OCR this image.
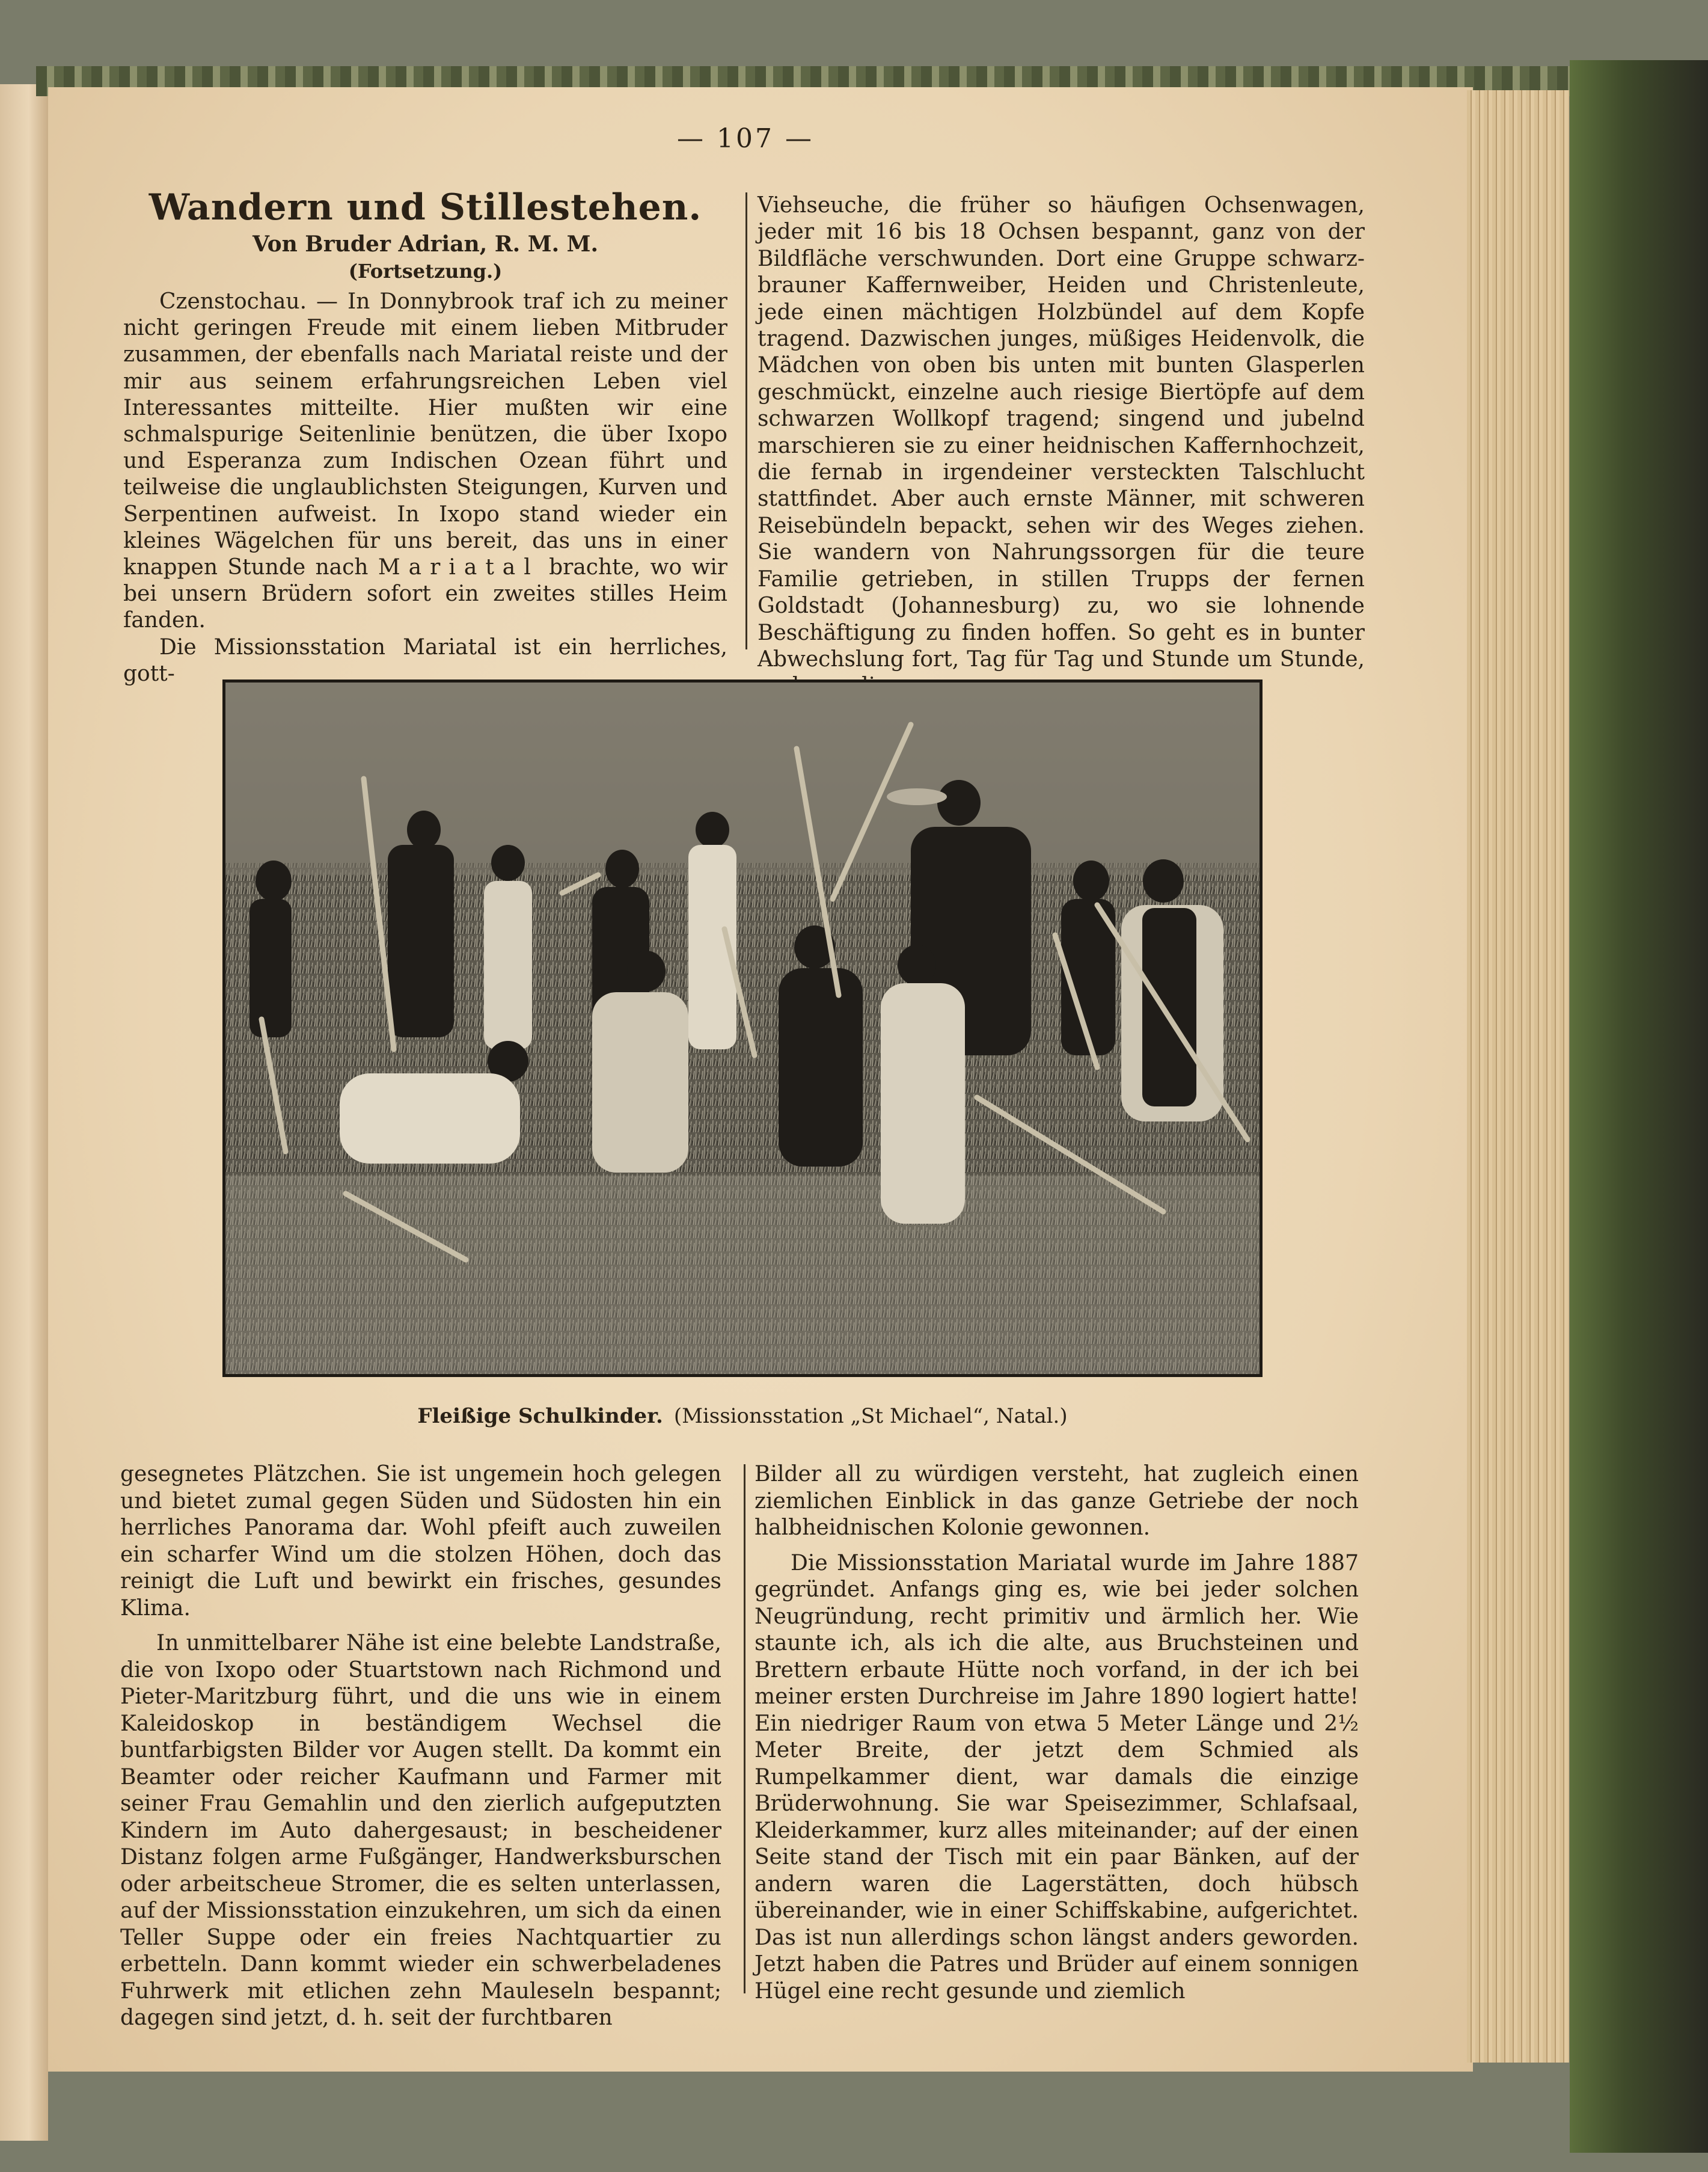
— 107 —
Wandern und Stillestehen.
Von Bruder Adrian, R. M. M.
(Fortsetzung.)

Czenstochau. — In Donnybrook traf ich zu meiner nicht geringen Freude mit einem lieben Mitbruder zusammen, der ebenfalls nach Mariatal reiste und der mir aus seinem erfahrungsreichen Leben viel Interessantes mitteilte. Hier mußten wir eine schmalspurige Seitenlinie benützen, die über Ixopo und Esperanza zum Indischen Ozean führt und teilweise die unglaublichsten Steigungen, Kurven und Serpentinen aufweist. In Ixopo stand wieder ein kleines Wägelchen für uns bereit, das uns in einer knappen Stunde nach Mariatal brachte, wo wir bei unsern Brüdern sofort ein zweites stilles Heim fanden.

Die Missionsstation Mariatal ist ein herrliches, gott-

Viehseuche, die früher so häufigen Ochsenwagen, jeder mit 16 bis 18 Ochsen bespannt, ganz von der Bildfläche verschwunden. Dort eine Gruppe schwarz-brauner Kaffernweiber, Heiden und Christenleute, jede einen mächtigen Holzbündel auf dem Kopfe tragend. Dazwischen junges, müßiges Heidenvolk, die Mädchen von oben bis unten mit bunten Glasperlen geschmückt, einzelne auch riesige Biertöpfe auf dem schwarzen Wollkopf tragend; singend und jubelnd marschieren sie zu einer heidnischen Kaffernhochzeit, die fernab in irgendeiner versteckten Talschlucht stattfindet. Aber auch ernste Männer, mit schweren Reisebündeln bepackt, sehen wir des Weges ziehen. Sie wandern von Nahrungssorgen für die teure Familie getrieben, in stillen Trupps der fernen Goldstadt (Johannesburg) zu, wo sie lohnende Beschäftigung zu finden hoffen. So geht es in bunter Abwechslung fort, Tag für Tag und Stunde um Stunde,

Fleißige Schulkinder. (Missionsstation „St Michael“, Natal.)

gesegnetes Plätzchen. Sie ist ungemein hoch gelegen und bietet zumal gegen Süden und Südosten hin ein herrliches Panorama dar. Wohl pfeift auch zuweilen ein scharfer Wind um die stolzen Höhen, doch das reinigt die Luft und bewirkt ein frisches, gesundes Klima.

In unmittelbarer Nähe ist eine belebte Landstraße, die von Ixopo oder Stuartstown nach Richmond und Pieter-Maritzburg führt, und die uns wie in einem Kaleidoskop in beständigem Wechsel die buntfarbigsten Bilder vor Augen stellt. Da kommt ein Beamter oder reicher Kaufmann und Farmer mit seiner Frau Gemahlin und den zierlich aufgeputzten Kindern im Auto dahergesaust; in bescheidener Distanz folgen arme Fußgänger, Handwerksburschen oder arbeitscheue Stromer, die es selten unterlassen, auf der Missionsstation einzukehren, um sich da einen Teller Suppe oder ein freies Nachtquartier zu erbetteln. Dann kommt wieder ein schwerbeladenes Fuhrwerk mit etlichen zehn Mauleseln bespannt; dagegen sind jetzt, d. h. seit der furchtbaren

Bilder all zu würdigen versteht, hat zugleich einen ziemlichen Einblick in das ganze Getriebe der noch halbheidnischen Kolonie gewonnen.

Die Missionsstation Mariatal wurde im Jahre 1887 gegründet. Anfangs ging es, wie bei jeder solchen Neugründung, recht primitiv und ärmlich her. Wie staunte ich, als ich die alte, aus Bruchsteinen und Brettern erbaute Hütte noch vorfand, in der ich bei meiner ersten Durchreise im Jahre 1890 logiert hatte! Ein niedriger Raum von etwa 5 Meter Länge und 2½ Meter Breite, der jetzt dem Schmied als Rumpelkammer dient, war damals die einzige Brüderwohnung. Sie war Speisezimmer, Schlafsaal, Kleiderkammer, kurz alles miteinander; auf der einen Seite stand der Tisch mit ein paar Bänken, auf der andern waren die Lagerstätten, doch hübsch übereinander, wie in einer Schiffskabine, aufgerichtet. Das ist nun allerdings schon längst anders geworden. Jetzt haben die Patres und Brüder auf einem sonnigen Hügel eine recht gesunde und ziemlich
